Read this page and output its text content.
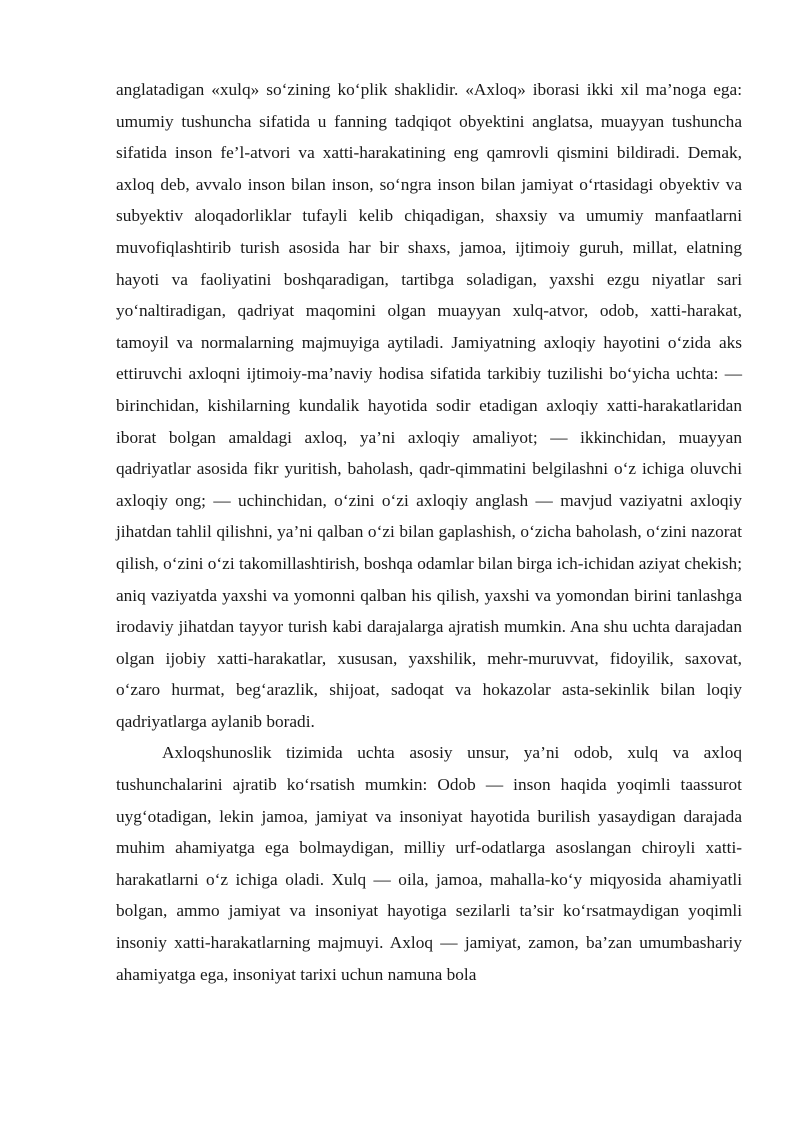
anglatadigan «xulq» so‘zining ko‘plik shaklidir. «Axloq» iborasi ikki xil ma’noga ega: umumiy tushuncha sifatida u fanning tadqiqot obyektini anglatsa, muayyan tushuncha sifatida inson fe’l-atvori va xatti-harakatining eng qamrovli qismini bildiradi. Demak, axloq deb, avvalo inson bilan inson, so‘ngra inson bilan jamiyat o‘rtasidagi obyektiv va subyektiv aloqadorliklar tufayli kelib chiqadigan, shaxsiy va umumiy manfaatlarni muvofiqlashtirib turish asosida har bir shaxs, jamoa, ijtimoiy guruh, millat, elatning hayoti va faoliyatini boshqaradigan, tartibga soladigan, yaxshi ezgu niyatlar sari yo‘naltiradigan, qadriyat maqomini olgan muayyan xulq-atvor, odob, xatti-harakat, tamoyil va normalarning majmuyiga aytiladi. Jamiyatning axloqiy hayotini o‘zida aks ettiruvchi axloqni ijtimoiy-ma’naviy hodisa sifatida tarkibiy tuzilishi bo‘yicha uchta: — birinchidan, kishilarning kundalik hayotida sodir etadigan axloqiy xatti-harakatlaridan iborat bolgan amaldagi axloq, ya’ni axloqiy amaliyot; — ikkinchidan, muayyan qadriyatlar asosida fikr yuritish, baholash, qadr-qimmatini belgilashni o‘z ichiga oluvchi axloqiy ong; — uchinchidan, o‘zini o‘zi axloqiy anglash — mavjud vaziyatni axloqiy jihatdan tahlil qilishni, ya’ni qalban o‘zi bilan gaplashish, o‘zicha baholash, o‘zini nazorat qilish, o‘zini o‘zi takomillashtirish, boshqa odamlar bilan birga ich-ichidan aziyat chekish; aniq vaziyatda yaxshi va yomonni qalban his qilish, yaxshi va yomondan birini tanlashga irodaviy jihatdan tayyor turish kabi darajalarga ajratish mumkin. Ana shu uchta darajadan olgan ijobiy xatti-harakatlar, xususan, yaxshilik, mehr-muruvvat, fidoyilik, saxovat, o‘zaro hurmat, beg‘arazlik, shijoat, sadoqat va hokazolar asta-sekinlik bilan loqiy qadriyatlarga aylanib boradi.

Axloqshunoslik tizimida uchta asosiy unsur, ya’ni odob, xulq va axloq tushunchalarini ajratib ko‘rsatish mumkin: Odob — inson haqida yoqimli taassurot uyg‘otadigan, lekin jamoa, jamiyat va insoniyat hayotida burilish yasaydigan darajada muhim ahamiyatga ega bolmaydigan, milliy urf-odatlarga asoslangan chiroyli xatti-harakatlarni o‘z ichiga oladi. Xulq — oila, jamoa, mahalla-ko‘y miqyosida ahamiyatli bolgan, ammo jamiyat va insoniyat hayotiga sezilarli ta’sir ko‘rsatmaydigan yoqimli insoniy xatti-harakatlarning majmuyi. Axloq — jamiyat, zamon, ba’zan umumbashariy ahamiyatga ega, insoniyat tarixi uchun namuna bola
